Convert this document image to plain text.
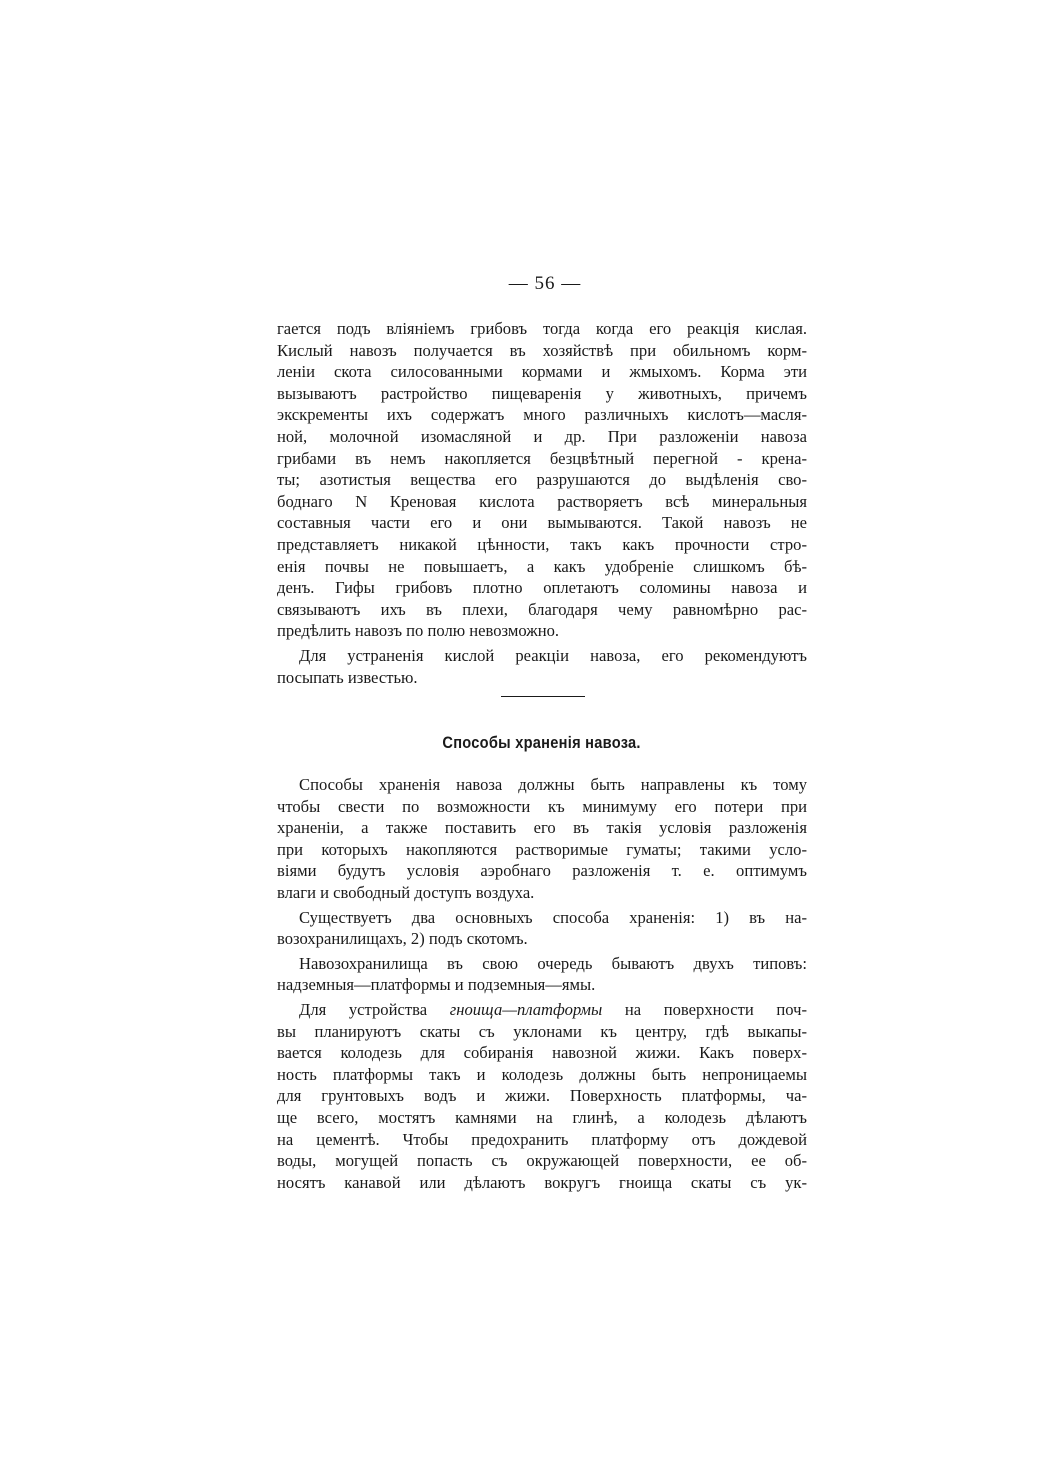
— 56 —
гается подъ вліяніемъ грибовъ тогда когда его реакція кислая.
Кислый навозъ получается въ хозяйствѣ при обильномъ корм-
леніи скота силосованными кормами и жмыхомъ. Корма эти
вызываютъ растройство пищеваренія у животныхъ, причемъ
экскременты ихъ содержатъ много различныхъ кислотъ—масля-
ной, молочной изомасляной и др. При разложеніи навоза
грибами въ немъ накопляется безцвѣтный перегной - крена-
ты; азотистыя вещества его разрушаются до выдѣленія сво-
боднаго N Креновая кислота растворяетъ всѣ минеральныя
составныя части его и они вымываются. Такой навозъ не
представляетъ никакой цѣнности, такъ какъ прочности стро-
енія почвы не повышаетъ, а какъ удобреніе слишкомъ бѣ-
денъ. Гифы грибовъ плотно оплетаютъ соломины навоза и
связываютъ ихъ въ плехи, благодаря чему равномѣрно рас-
предѣлить навозъ по полю невозможно.
Для устраненія кислой реакціи навоза, его рекомендуютъ
посыпать известью.
Способы храненія навоза.
Способы храненія навоза должны быть направлены къ тому
чтобы свести по возможности къ минимуму его потери при
храненіи, а также поставить его въ такія условія разложенія
при которыхъ накопляются растворимые гуматы; такими усло-
віями будутъ условія аэробнаго разложенія т. е. оптимумъ
влаги и свободный доступъ воздуха.
Существуетъ два основныхъ способа храненія: 1) въ на-
возохранилищахъ, 2) подъ скотомъ.
Навозохранилища въ свою очередь бываютъ двухъ типовъ:
надземныя—платформы и подземныя—ямы.
Для устройства гноища—платформы на поверхности поч-
вы планируютъ скаты съ уклонами къ центру, гдѣ выкапы-
вается колодезь для собиранія навозной жижи. Какъ поверх-
ность платформы такъ и колодезь должны быть непроницаемы
для грунтовыхъ водъ и жижи. Поверхность платформы, ча-
ще всего, мостятъ камнями на глинѣ, а колодезь дѣлаютъ
на цементѣ. Чтобы предохранить платформу отъ дождевой
воды, могущей попасть съ окружающей поверхности, ее об-
носятъ канавой или дѣлаютъ вокругъ гноища скаты съ ук-
